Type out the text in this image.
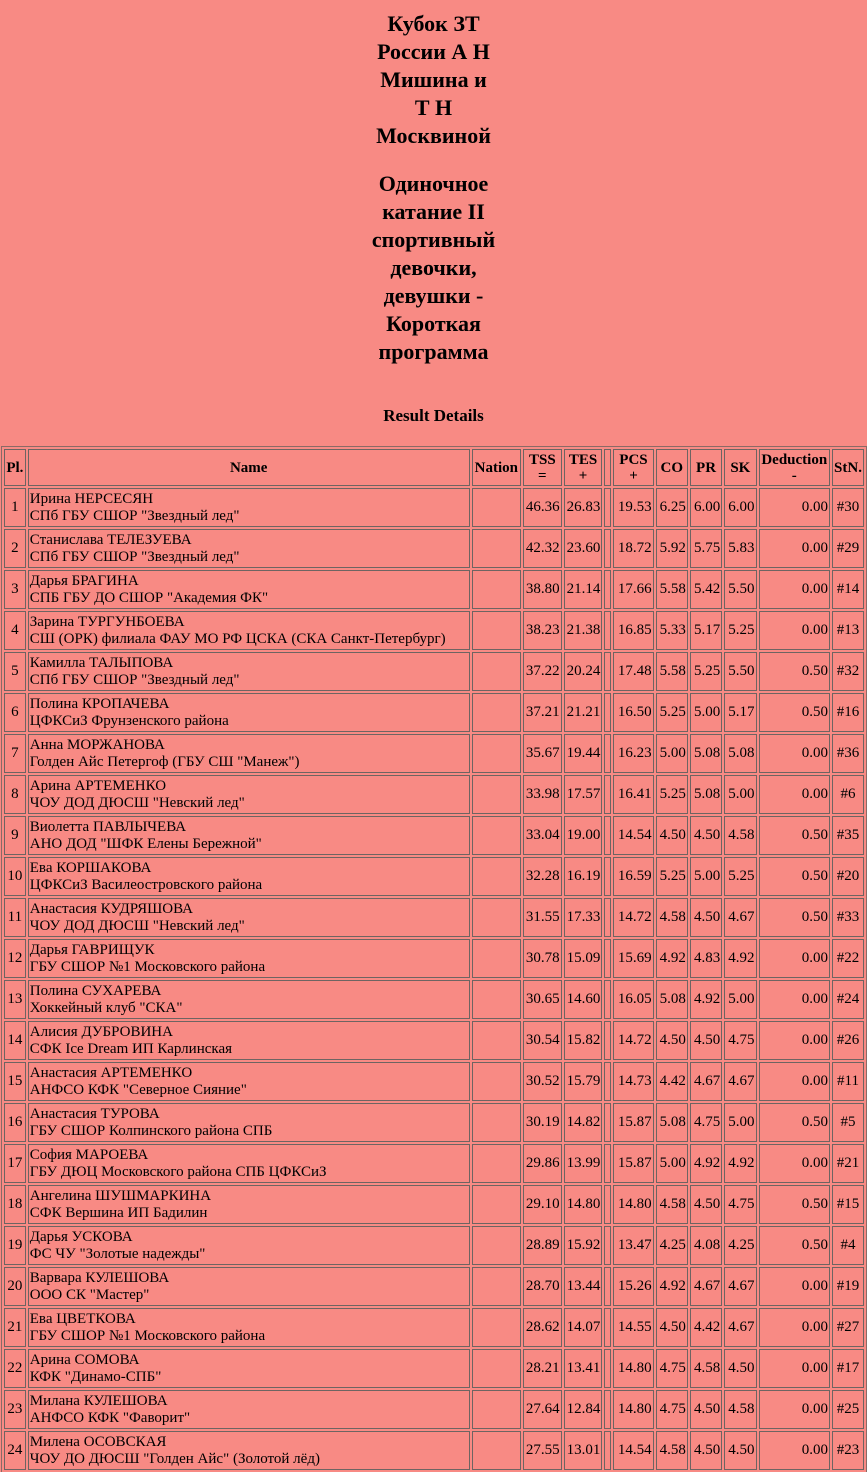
Кубок ЗТ
России А Н
Мишина и
Т Н
Москвиной
Одиночное
катание II
спортивный
девочки,
девушки -
Короткая
программа
Result Details
Pl.	Name	Nation	TSS
=	TES
+		PCS
+	CO	PR	SK	Deduction
-	StN.
1	Ирина НЕРСЕСЯН
СПб ГБУ СШОР "Звездный лед"		46.36	26.83		19.53	6.25	6.00	6.00	0.00	#30
2	Станислава ТЕЛЕЗУЕВА
СПб ГБУ СШОР "Звездный лед"		42.32	23.60		18.72	5.92	5.75	5.83	0.00	#29
3	Дарья БРАГИНА
СПБ ГБУ ДО СШОР "Академия ФК"		38.80	21.14		17.66	5.58	5.42	5.50	0.00	#14
4	Зарина ТУРГУНБОЕВА
СШ (ОРК) филиала ФАУ МО РФ ЦСКА (СКА Санкт-Петербург)		38.23	21.38		16.85	5.33	5.17	5.25	0.00	#13
5	Камилла ТАЛЫПОВА
СПб ГБУ СШОР "Звездный лед"		37.22	20.24		17.48	5.58	5.25	5.50	0.50	#32
6	Полина КРОПАЧЕВА
ЦФКСиЗ Фрунзенского района		37.21	21.21		16.50	5.25	5.00	5.17	0.50	#16
7	Анна МОРЖАНОВА
Голден Айс Петергоф (ГБУ СШ "Манеж")		35.67	19.44		16.23	5.00	5.08	5.08	0.00	#36
8	Арина АРТЕМЕНКО
ЧОУ ДОД ДЮСШ "Невский лед"		33.98	17.57		16.41	5.25	5.08	5.00	0.00	#6
9	Виолетта ПАВЛЫЧЕВА
АНО ДОД "ШФК Елены Бережной"		33.04	19.00		14.54	4.50	4.50	4.58	0.50	#35
10	Ева КОРШАКОВА
ЦФКСиЗ Василеостровского района		32.28	16.19		16.59	5.25	5.00	5.25	0.50	#20
11	Анастасия КУДРЯШОВА
ЧОУ ДОД ДЮСШ "Невский лед"		31.55	17.33		14.72	4.58	4.50	4.67	0.50	#33
12	Дарья ГАВРИЩУК
ГБУ СШОР №1 Московского района		30.78	15.09		15.69	4.92	4.83	4.92	0.00	#22
13	Полина СУХАРЕВА
Хоккейный клуб "СКА"		30.65	14.60		16.05	5.08	4.92	5.00	0.00	#24
14	Алисия ДУБРОВИНА
СФК Ice Dream ИП Карлинская		30.54	15.82		14.72	4.50	4.50	4.75	0.00	#26
15	Анастасия АРТЕМЕНКО
АНФСО КФК "Северное Сияние"		30.52	15.79		14.73	4.42	4.67	4.67	0.00	#11
16	Анастасия ТУРОВА
ГБУ СШОР Колпинского района СПБ		30.19	14.82		15.87	5.08	4.75	5.00	0.50	#5
17	София МАРОЕВА
ГБУ ДЮЦ Московского района СПБ ЦФКСиЗ		29.86	13.99		15.87	5.00	4.92	4.92	0.00	#21
18	Ангелина ШУШМАРКИНА
СФК Вершина ИП Бадилин		29.10	14.80		14.80	4.58	4.50	4.75	0.50	#15
19	Дарья УСКОВА
ФС ЧУ "Золотые надежды"		28.89	15.92		13.47	4.25	4.08	4.25	0.50	#4
20	Варвара КУЛЕШОВА
ООО СК "Мастер"		28.70	13.44		15.26	4.92	4.67	4.67	0.00	#19
21	Ева ЦВЕТКОВА
ГБУ СШОР №1 Московского района		28.62	14.07		14.55	4.50	4.42	4.67	0.00	#27
22	Арина СОМОВА
КФК "Динамо-СПБ"		28.21	13.41		14.80	4.75	4.58	4.50	0.00	#17
23	Милана КУЛЕШОВА
АНФСО КФК "Фаворит"		27.64	12.84		14.80	4.75	4.50	4.58	0.00	#25
24	Милена ОСОВСКАЯ
ЧОУ ДО ДЮСШ "Голден Айс" (Золотой лёд)		27.55	13.01		14.54	4.58	4.50	4.50	0.00	#23
